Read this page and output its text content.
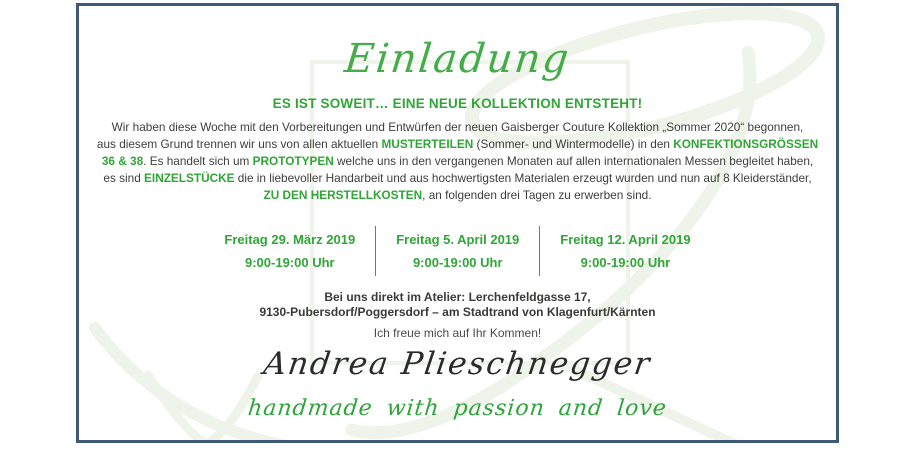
Einladung
ES IST SOWEIT… EINE NEUE KOLLEKTION ENTSTEHT!
Wir haben diese Woche mit den Vorbereitungen und Entwürfen der neuen Gaisberger Couture Kollektion „Sommer 2020“ begonnen,
aus diesem Grund trennen wir uns von allen aktuellen MUSTERTEILEN (Sommer- und Wintermodelle) in den KONFEKTIONSGRÖSSEN
36 & 38. Es handelt sich um PROTOTYPEN welche uns in den vergangenen Monaten auf allen internationalen Messen begleitet haben,
es sind EINZELSTÜCKE die in liebevoller Handarbeit und aus hochwertigsten Materialen erzeugt wurden und nun auf 8 Kleiderständer,
ZU DEN HERSTELLKOSTEN, an folgenden drei Tagen zu erwerben sind.
Freitag 29. März 2019
9:00-19:00 Uhr
Freitag 5. April 2019
9:00-19:00 Uhr
Freitag 12. April 2019
9:00-19:00 Uhr
Bei uns direkt im Atelier: Lerchenfeldgasse 17,
9130-Pubersdorf/Poggersdorf – am Stadtrand von Klagenfurt/Kärnten
Ich freue mich auf Ihr Kommen!
Andrea Plieschnegger
handmade with passion and love
